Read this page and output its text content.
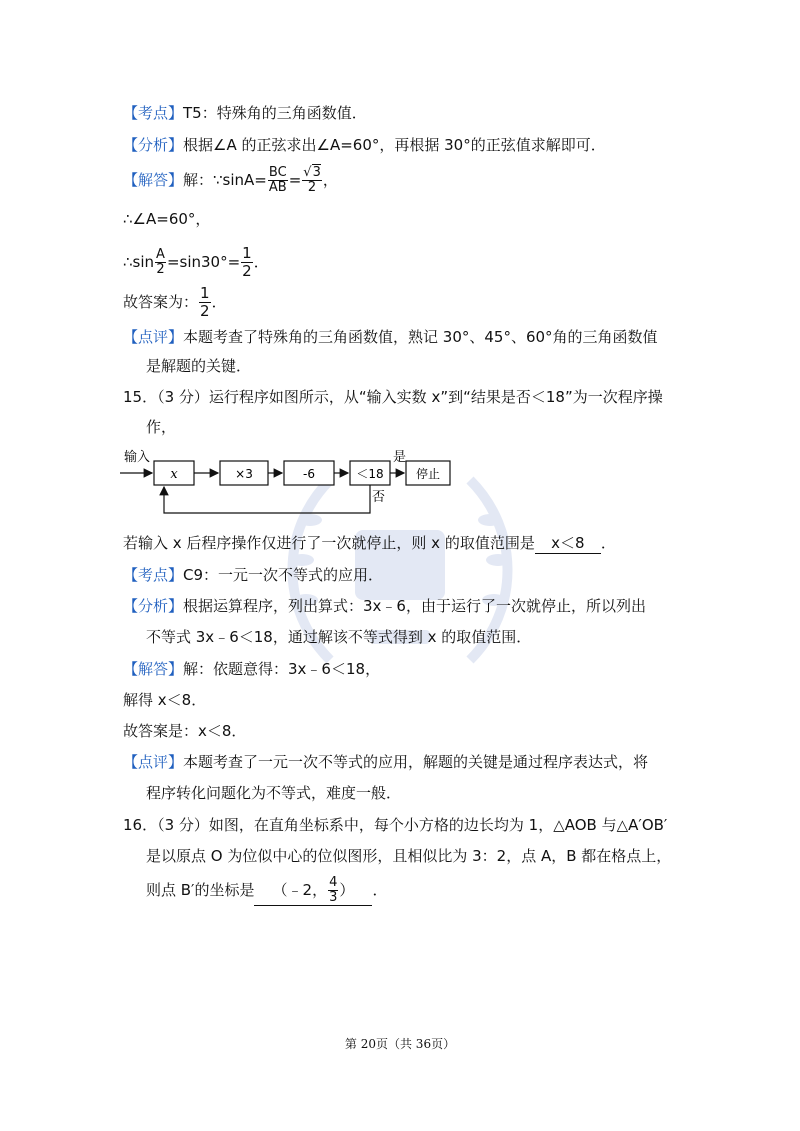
【考点】T5：特殊角的三角函数值．
【分析】根据∠A 的正弦求出∠A=60°，再根据 30°的正弦值求解即可．
【解答】解：∵sinA= $\frac{BC}{AB} = \frac{√3}{2}$ ，
∴∠A=60°，
∴sin $\frac{A}{2} =\sin 30^\circ= \frac{1}{2}$ ．
故答案为： $\frac{1}{2}$ ．
【点评】本题考查了特殊角的三角函数值，熟记 30°、45°、60°角的三角函数值
是解题的关键．
15．（3 分）运行程序如图所示，从“输入实数 x”到“结果是否＜18”为一次程序操
作，
输入
x	×3	-6	＜18
是
停止
否
若输入 x 后程序操作仅进行了一次就停止，则 x 的取值范围是 x＜8 ．
【考点】C9：一元一次不等式的应用．
【分析】根据运算程序，列出算式：3x﹣6，由于运行了一次就停止，所以列出
不等式 3x﹣6＜18，通过解该不等式得到 x 的取值范围．
【解答】解：依题意得：3x﹣6＜18，
解得 x＜8．
故答案是：x＜8．
【点评】本题考查了一元一次不等式的应用，解题的关键是通过程序表达式，将
程序转化问题化为不等式，难度一般．
16．（3 分）如图，在直角坐标系中，每个小方格的边长均为 1，△AOB 与△A′OB′
是以原点 O 为位似中心的位似图形，且相似比为 3：2，点 A，B 都在格点上，
则点 B′的坐标是 （﹣2， $\frac{4}{3}$ ） ．
第 20页（共 36页）
